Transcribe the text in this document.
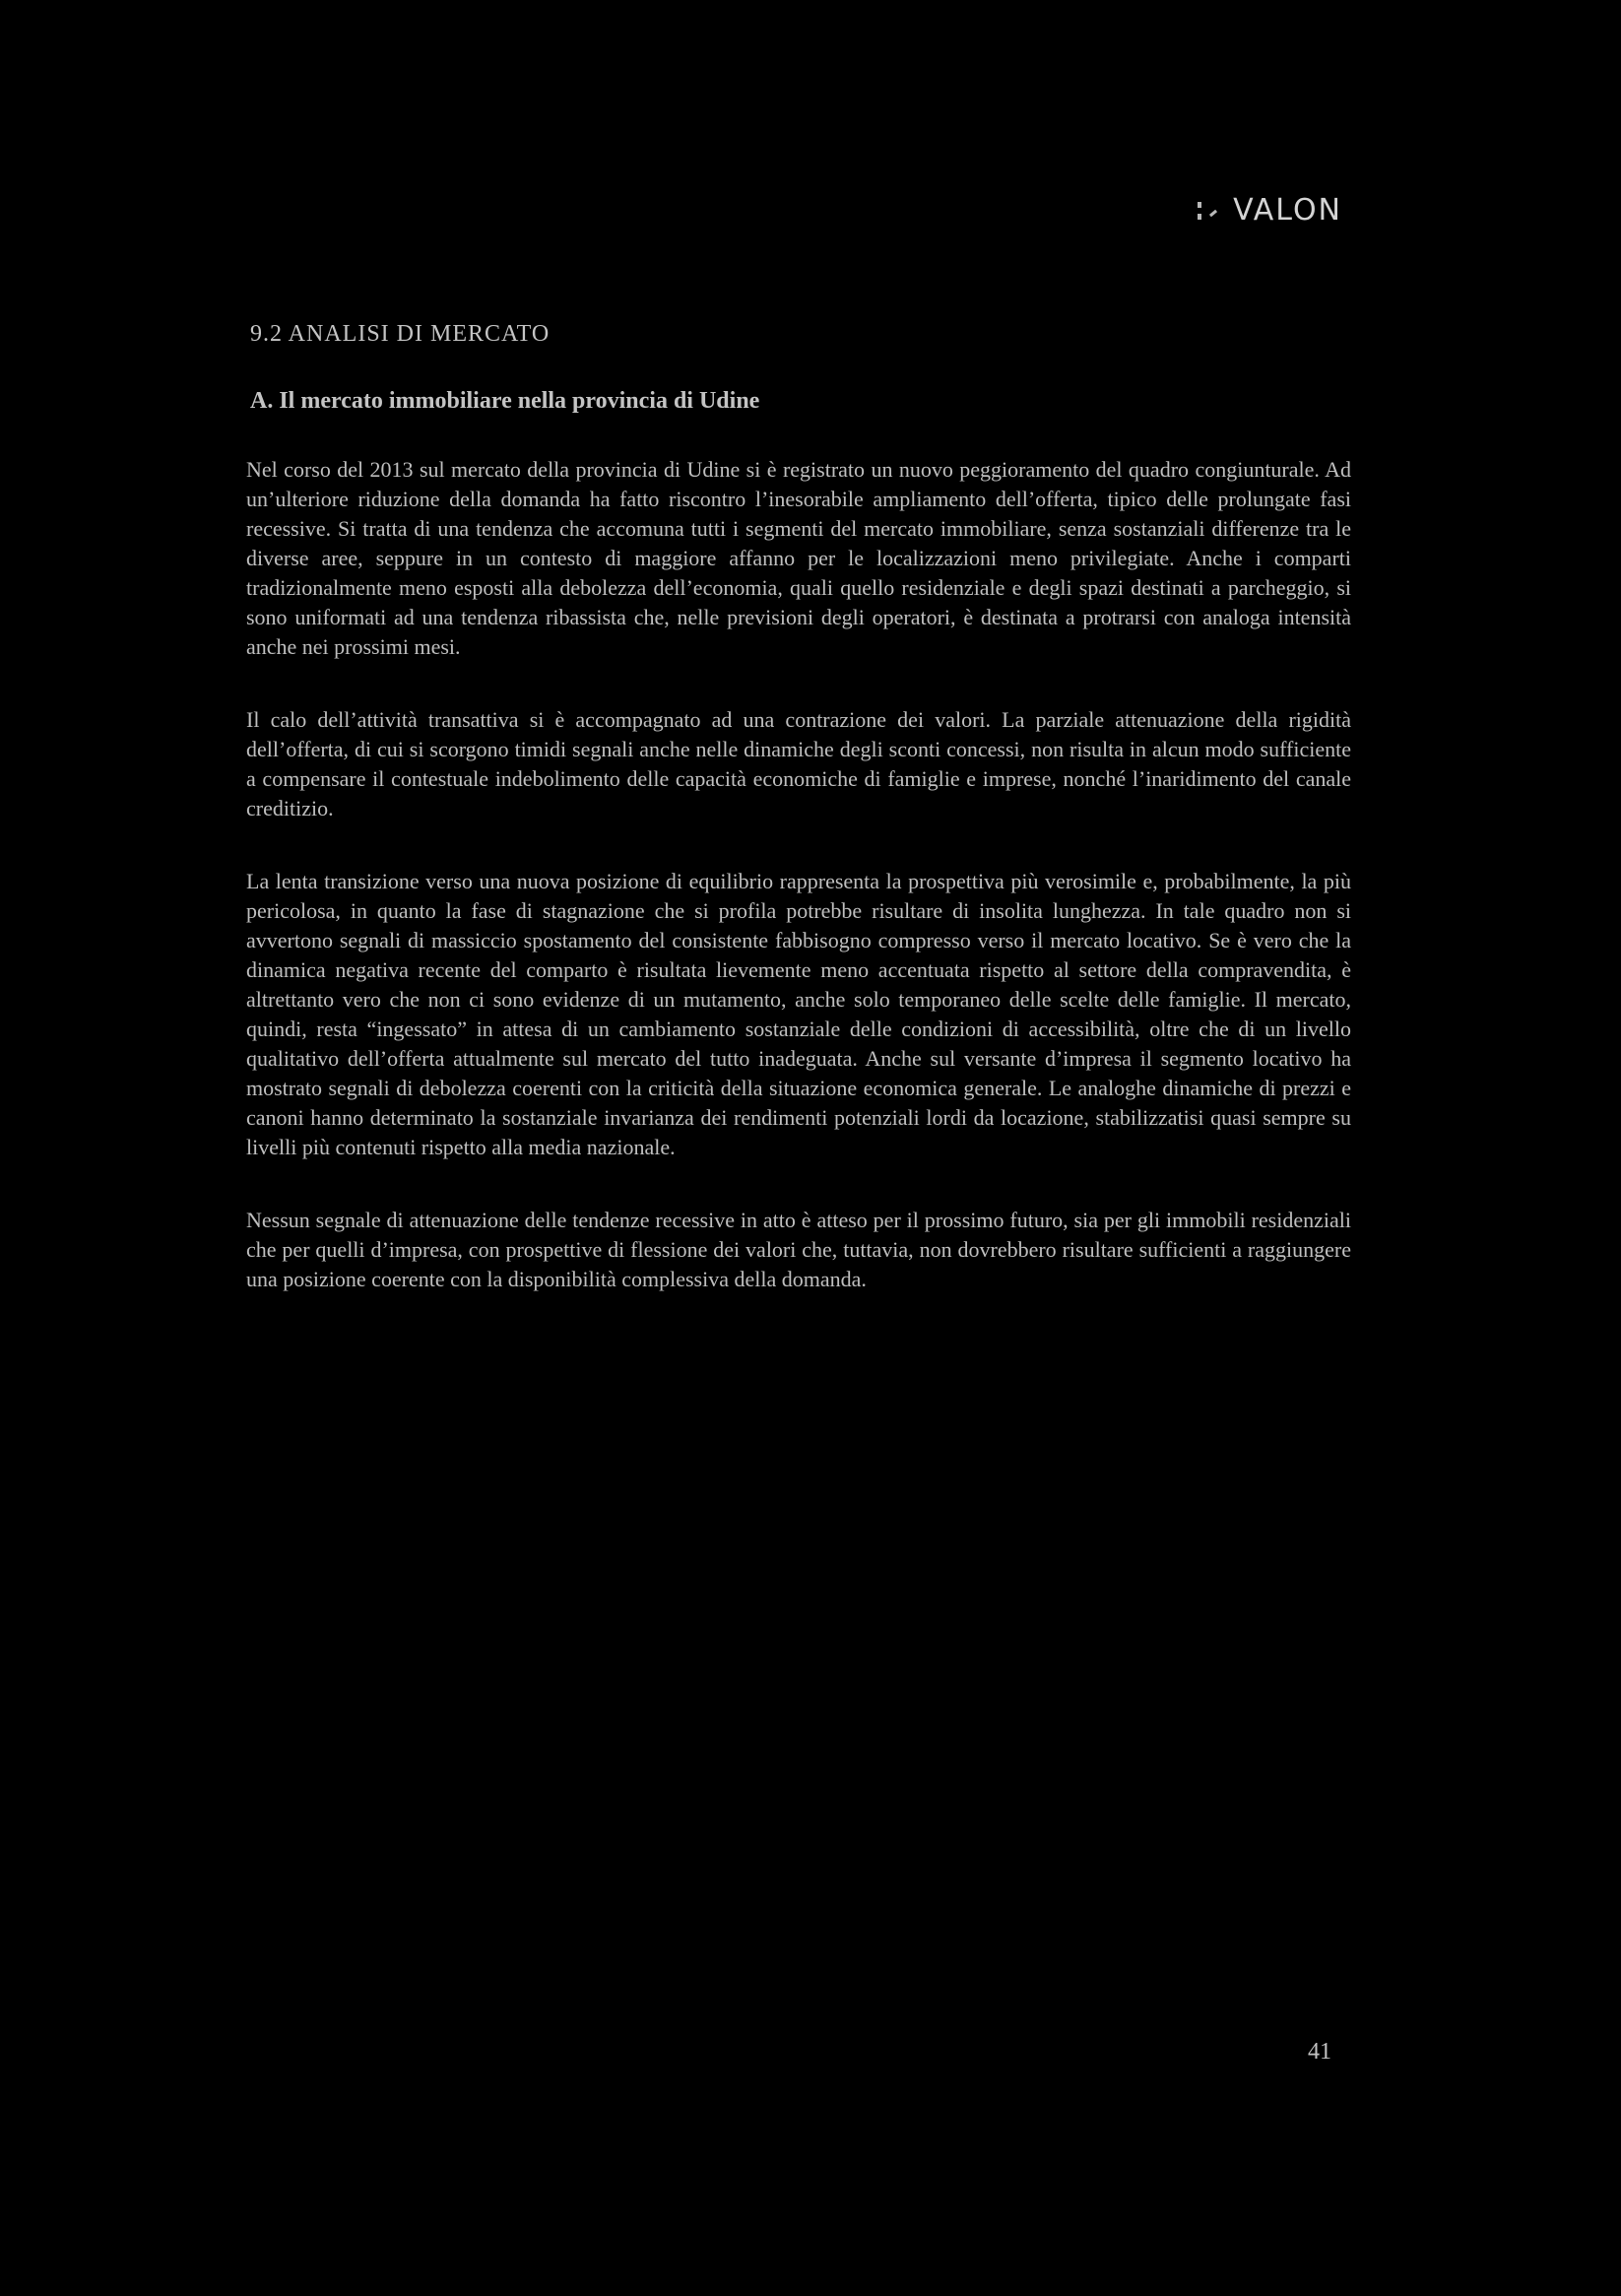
VALON
9.2 ANALISI DI MERCATO
A. Il mercato immobiliare nella provincia di Udine

Nel corso del 2013 sul mercato della provincia di Udine si è registrato un nuovo peggioramento del quadro congiunturale. Ad un’ulteriore riduzione della domanda ha fatto riscontro l’inesorabile ampliamento dell’offerta, tipico delle prolungate fasi recessive. Si tratta di una tendenza che accomuna tutti i segmenti del mercato immobiliare, senza sostanziali differenze tra le diverse aree, seppure in un contesto di maggiore affanno per le localizzazioni meno privilegiate. Anche i comparti tradizionalmente meno esposti alla debolezza dell’economia, quali quello residenziale e degli spazi destinati a parcheggio, si sono uniformati ad una tendenza ribassista che, nelle previsioni degli operatori, è destinata a protrarsi con analoga intensità anche nei prossimi mesi.

Il calo dell’attività transattiva si è accompagnato ad una contrazione dei valori. La parziale attenuazione della rigidità dell’offerta, di cui si scorgono timidi segnali anche nelle dinamiche degli sconti concessi, non risulta in alcun modo sufficiente a compensare il contestuale indebolimento delle capacità economiche di famiglie e imprese, nonché l’inaridimento del canale creditizio.

La lenta transizione verso una nuova posizione di equilibrio rappresenta la prospettiva più verosimile e, probabilmente, la più pericolosa, in quanto la fase di stagnazione che si profila potrebbe risultare di insolita lunghezza. In tale quadro non si avvertono segnali di massiccio spostamento del consistente fabbisogno compresso verso il mercato locativo. Se è vero che la dinamica negativa recente del comparto è risultata lievemente meno accentuata rispetto al settore della compravendita, è altrettanto vero che non ci sono evidenze di un mutamento, anche solo temporaneo delle scelte delle famiglie. Il mercato, quindi, resta “ingessato” in attesa di un cambiamento sostanziale delle condizioni di accessibilità, oltre che di un livello qualitativo dell’offerta attualmente sul mercato del tutto inadeguata. Anche sul versante d’impresa il segmento locativo ha mostrato segnali di debolezza coerenti con la criticità della situazione economica generale. Le analoghe dinamiche di prezzi e canoni hanno determinato la sostanziale invarianza dei rendimenti potenziali lordi da locazione, stabilizzatisi quasi sempre su livelli più contenuti rispetto alla media nazionale.

Nessun segnale di attenuazione delle tendenze recessive in atto è atteso per il prossimo futuro, sia per gli immobili residenziali che per quelli d’impresa, con prospettive di flessione dei valori che, tuttavia, non dovrebbero risultare sufficienti a raggiungere una posizione coerente con la disponibilità complessiva della domanda.

41
